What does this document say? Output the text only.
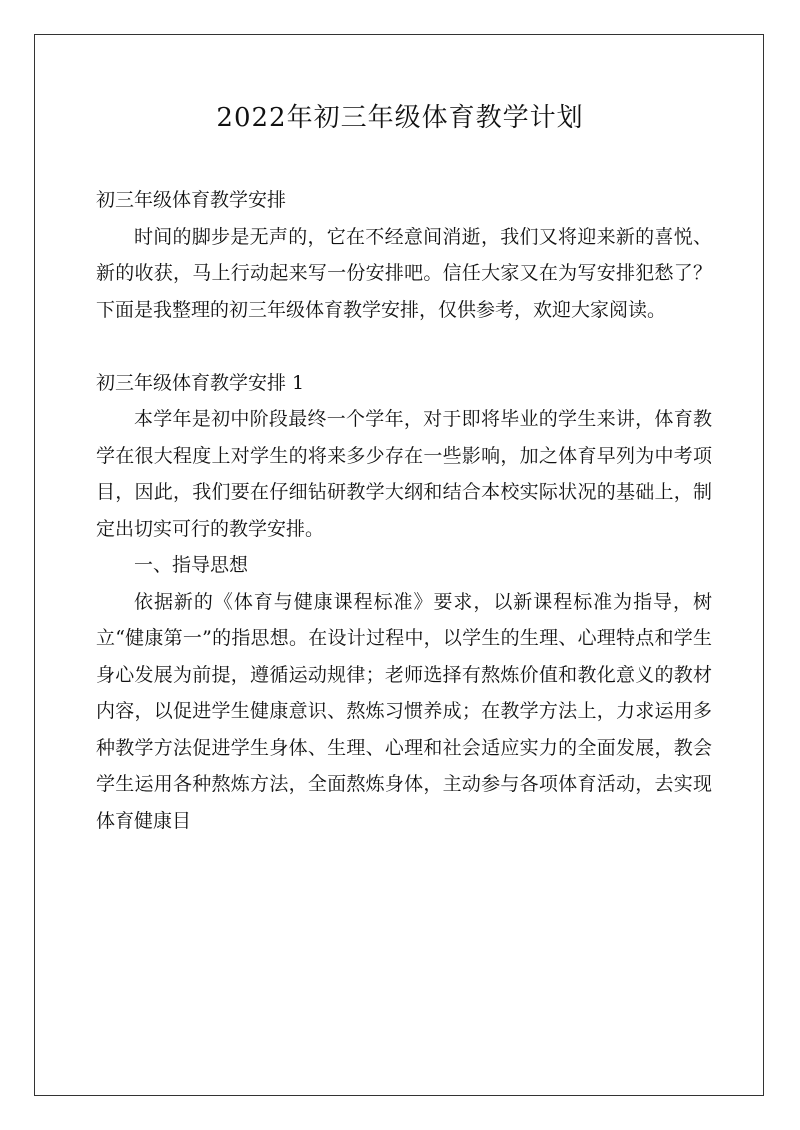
2022年初三年级体育教学计划

初三年级体育教学安排

时间的脚步是无声的，它在不经意间消逝，我们又将迎来新的喜悦、新的收获，马上行动起来写一份安排吧。信任大家又在为写安排犯愁了？下面是我整理的初三年级体育教学安排，仅供参考，欢迎大家阅读。

初三年级体育教学安排 1

本学年是初中阶段最终一个学年，对于即将毕业的学生来讲，体育教学在很大程度上对学生的将来多少存在一些影响，加之体育早列为中考项目，因此，我们要在仔细钻研教学大纲和结合本校实际状况的基础上，制定出切实可行的教学安排。

一、指导思想

依据新的《体育与健康课程标准》要求，以新课程标准为指导，树立“健康第一”的指思想。在设计过程中，以学生的生理、心理特点和学生身心发展为前提，遵循运动规律；老师选择有熬炼价值和教化意义的教材内容，以促进学生健康意识、熬炼习惯养成；在教学方法上，力求运用多种教学方法促进学生身体、生理、心理和社会适应实力的全面发展，教会学生运用各种熬炼方法，全面熬炼身体，主动参与各项体育活动，去实现体育健康目
